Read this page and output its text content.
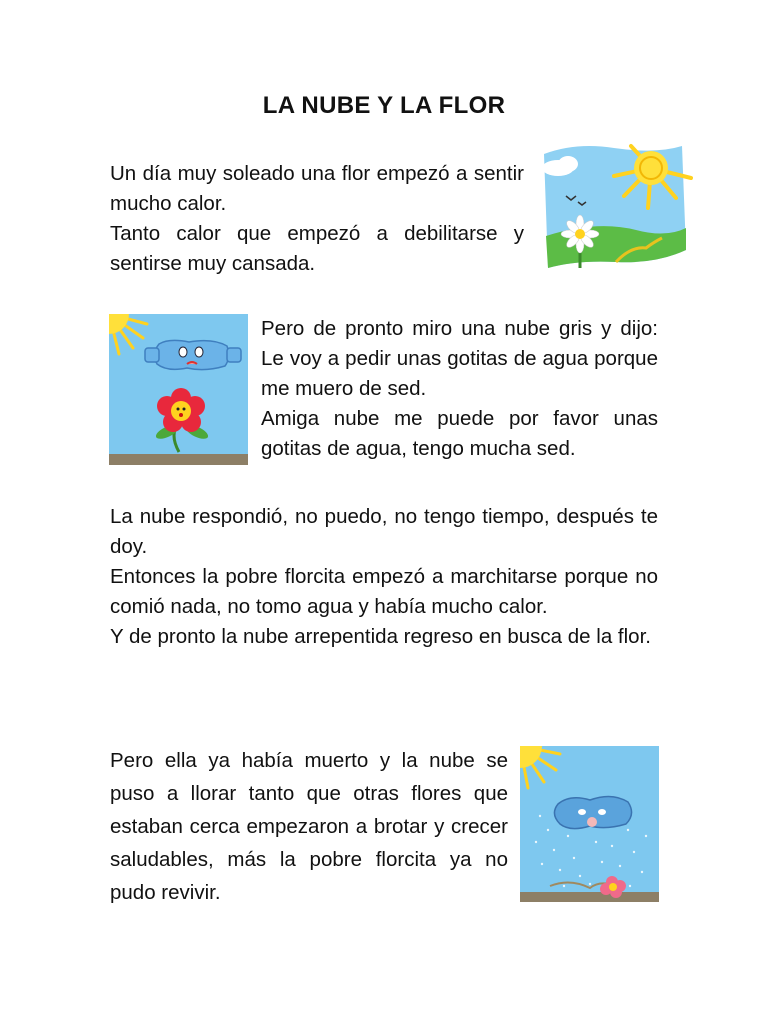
LA NUBE Y LA FLOR

Un día muy soleado una flor empezó a sentir mucho calor.

Tanto calor que empezó a debilitarse y sentirse muy cansada.

Pero de pronto miro una nube gris y dijo: Le voy a pedir unas gotitas de agua porque me muero de sed.

Amiga nube me puede por favor unas gotitas de agua, tengo mucha sed.

La nube respondió, no puedo, no tengo tiempo, después te doy.

Entonces la pobre florcita empezó a marchitarse porque no comió nada, no tomo agua y había mucho calor.

Y de pronto la nube arrepentida regreso en busca de la flor.

Pero ella ya había muerto y la nube se puso a llorar tanto que otras flores que estaban cerca empezaron a brotar y crecer saludables, más la pobre florcita ya no pudo revivir.
